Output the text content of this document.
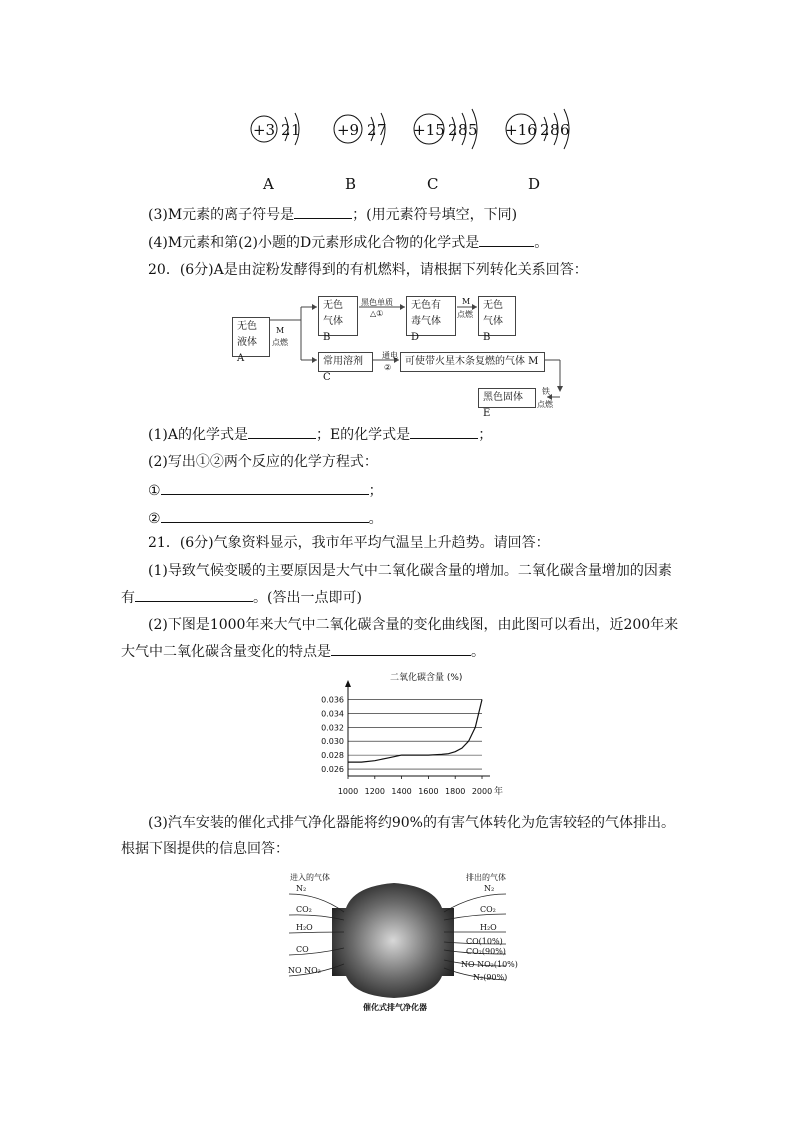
+3 2 1 +9 2 7 +15 2 8 5 +16 2 8 6
A	B	C	D
(3)M元素的离子符号是	；(用元素符号填空，下同)
(4)M元素和第(2)小题的D元素形成化合物的化学式是	。
20．(6分)A是由淀粉发酵得到的有机燃料，请根据下列转化关系回答：
无色
液体 A
M
点燃
无色
气体 B
黑色单质
△①
无色有
毒气体 D
M
点燃
无色
气体 B
常用溶剂 C
通电
②
可使带火星木条复燃的气体 M
铁
点燃
黑色固体 E
(1)A的化学式是	；E的化学式是	；
(2)写出①②两个反应的化学方程式：
①	；
②	。
21．(6分)气象资料显示，我市年平均气温呈上升趋势。请回答：
(1)导致气候变暖的主要原因是大气中二氧化碳含量的增加。二氧化碳含量增加的因素
有	。(答出一点即可)
(2)下图是1000年来大气中二氧化碳含量的变化曲线图，由此图可以看出，近200年来
大气中二氧化碳含量变化的特点是	。
二氧化碳含量 (%)
0.026
0.028
0.030
0.032
0.034
0.036
1000 1200 1400 1600 1800 2000 年
(3)汽车安装的催化式排气净化器能将约90%的有害气体转化为危害较轻的气体排出。
根据下图提供的信息回答：
进入的气体	排出的气体
N₂
CO₂
H₂O
CO
NO NO₂
N₂
CO₂
H₂O
CO(10%)
CO₂(90%)
NO NO₂(10%)
N₂(90%)
催化式排气净化器
